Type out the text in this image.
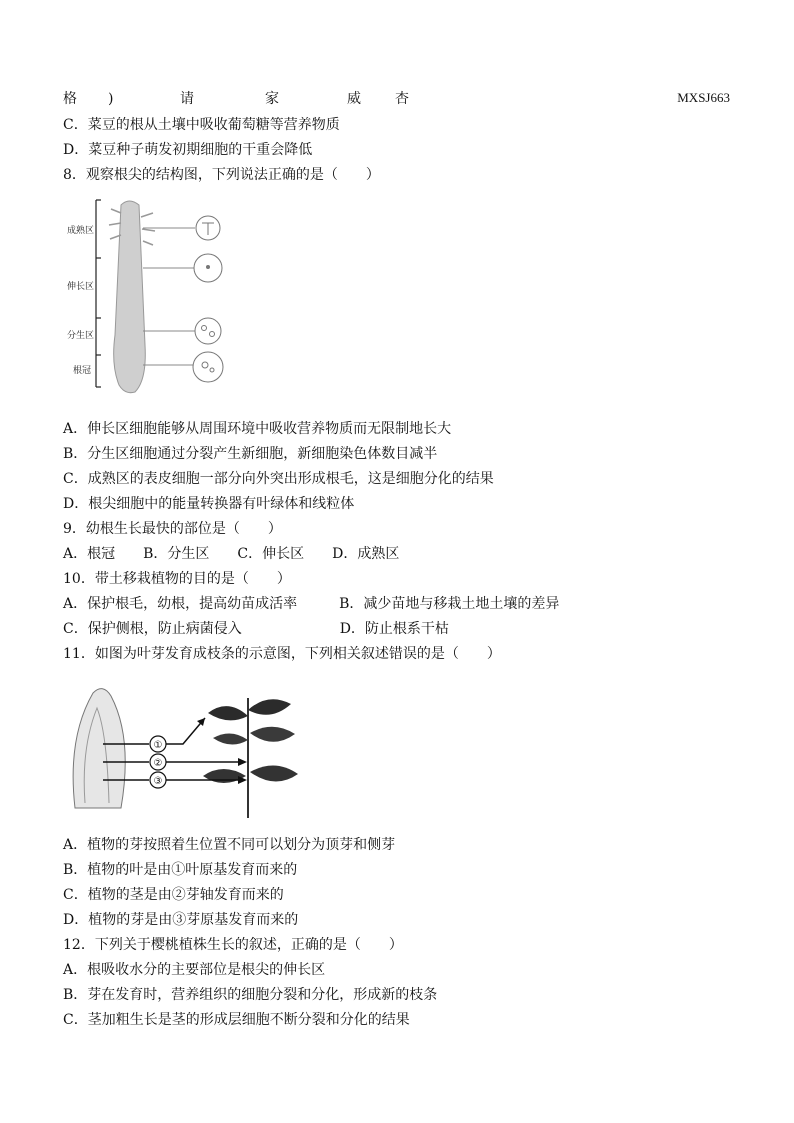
格 )	请	家	威 杏	MXSJ663
C．菜豆的根从土壤中吸收葡萄糖等营养物质
D．菜豆种子萌发初期细胞的干重会降低
8．观察根尖的结构图，下列说法正确的是（　　）
成熟区
伸长区
分生区
根冠
A．伸长区细胞能够从周围环境中吸收营养物质而无限制地长大
B．分生区细胞通过分裂产生新细胞，新细胞染色体数目减半
C．成熟区的表皮细胞一部分向外突出形成根毛，这是细胞分化的结果
D．根尖细胞中的能量转换器有叶绿体和线粒体
9．幼根生长最快的部位是（　　）
A．根冠　　B．分生区　　C．伸长区　　D．成熟区
10．带土移栽植物的目的是（　　）
A．保护根毛，幼根，提高幼苗成活率　　　B．减少苗地与移栽土地土壤的差异
C．保护侧根，防止病菌侵入　　　　　　　D．防止根系干枯
11．如图为叶芽发育成枝条的示意图，下列相关叙述错误的是（　　）
①
②
③
A．植物的芽按照着生位置不同可以划分为顶芽和侧芽
B．植物的叶是由①叶原基发育而来的
C．植物的茎是由②芽轴发育而来的
D．植物的芽是由③芽原基发育而来的
12．下列关于樱桃植株生长的叙述，正确的是（　　）
A．根吸收水分的主要部位是根尖的伸长区
B．芽在发育时，营养组织的细胞分裂和分化，形成新的枝条
C．茎加粗生长是茎的形成层细胞不断分裂和分化的结果
